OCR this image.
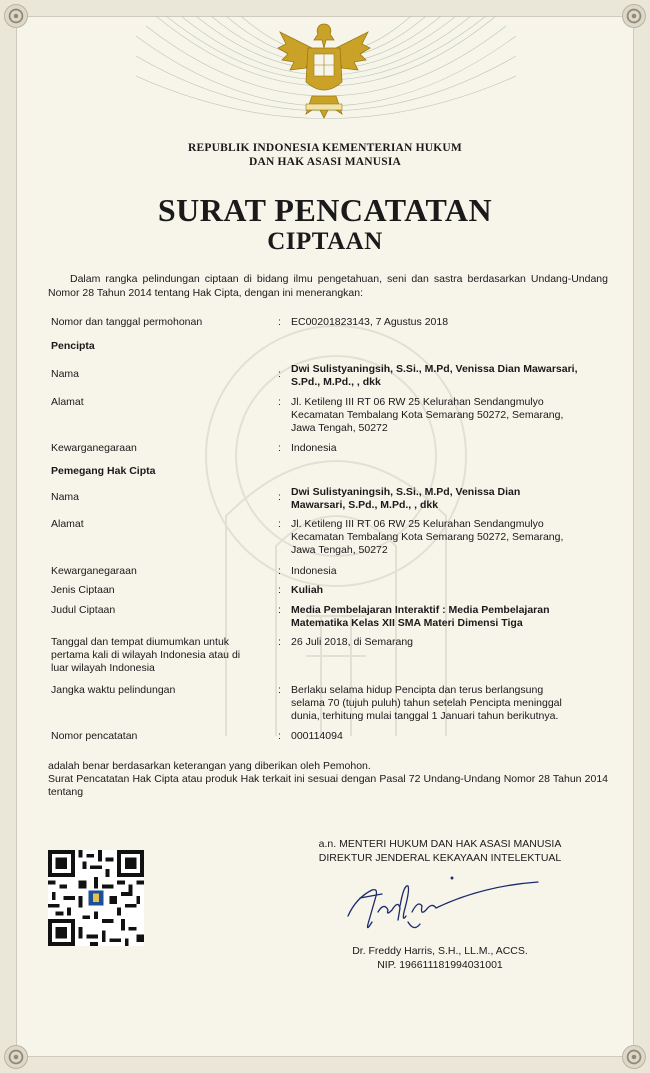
REPUBLIK INDONESIA KEMENTERIAN HUKUM
DAN HAK ASASI MANUSIA
SURAT PENCATATAN
CIPTAAN
Dalam rangka pelindungan ciptaan di bidang ilmu pengetahuan, seni dan sastra berdasarkan Undang-Undang Nomor 28 Tahun 2014 tentang Hak Cipta, dengan ini menerangkan:
Nomor dan tanggal permohonan	: EC00201823143, 7 Agustus 2018
Pencipta
Nama	: Dwi Sulistyaningsih, S.Si., M.Pd, Venissa Dian Mawarsari,
S.Pd., M.Pd., , dkk
Alamat	: Jl. Ketileng III RT 06 RW 25 Kelurahan Sendangmulyo
Kecamatan Tembalang Kota Semarang 50272, Semarang,
Jawa Tengah, 50272
Kewarganegaraan	: Indonesia
Pemegang Hak Cipta
Nama	: Dwi Sulistyaningsih, S.Si., M.Pd, Venissa Dian
Mawarsari, S.Pd., M.Pd., , dkk
Alamat	: Jl. Ketileng III RT 06 RW 25 Kelurahan Sendangmulyo
Kecamatan Tembalang Kota Semarang 50272, Semarang,
Jawa Tengah, 50272
Kewarganegaraan	: Indonesia
Jenis Ciptaan	: Kuliah
Judul Ciptaan	: Media Pembelajaran Interaktif : Media Pembelajaran
Matematika Kelas XII SMA Materi Dimensi Tiga
Tanggal dan tempat diumumkan untuk
pertama kali di wilayah Indonesia atau di
luar wilayah Indonesia
: 26 Juli 2018, di Semarang
Jangka waktu pelindungan	: Berlaku selama hidup Pencipta dan terus berlangsung
selama 70 (tujuh puluh) tahun setelah Pencipta meninggal
dunia, terhitung mulai tanggal 1 Januari tahun berikutnya.
Nomor pencatatan	: 000114094
adalah benar berdasarkan keterangan yang diberikan oleh Pemohon.
Surat Pencatatan Hak Cipta atau produk Hak terkait ini sesuai dengan Pasal 72 Undang-Undang Nomor 28 Tahun 2014 tentang
a.n. MENTERI HUKUM DAN HAK ASASI MANUSIA
DIREKTUR JENDERAL KEKAYAAN INTELEKTUAL
Dr. Freddy Harris, S.H., LL.M., ACCS.
NIP. 196611181994031001
